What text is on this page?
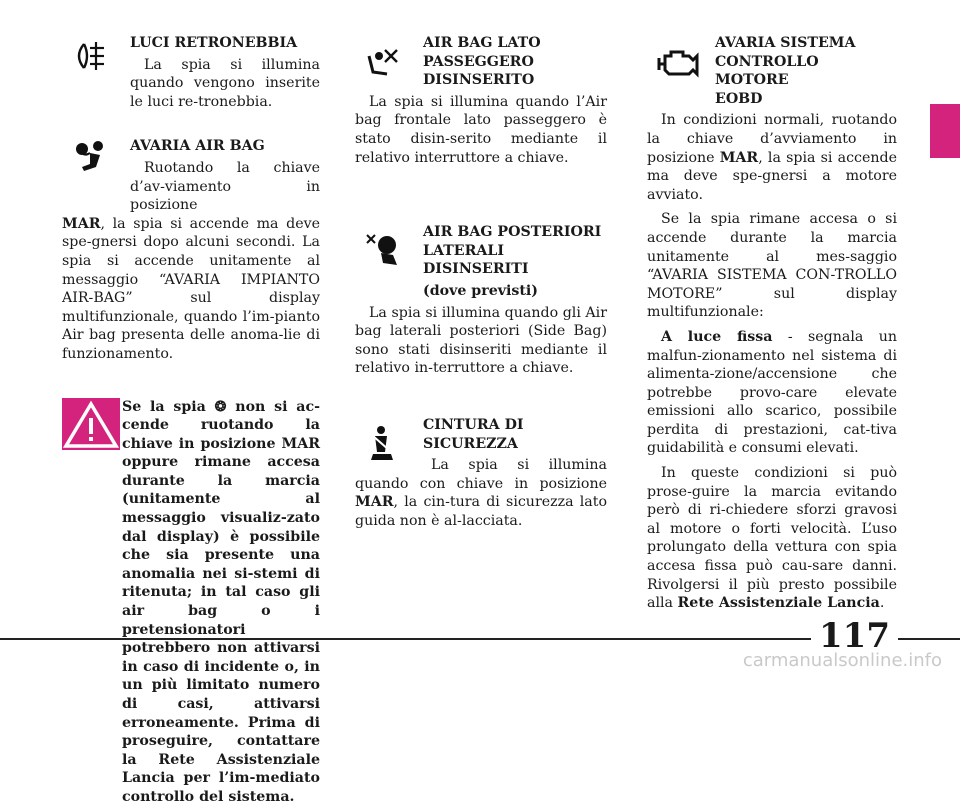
LUCI RETRONEBBIA

La spia si illumina quando vengono inserite le luci re-tronebbia.

AVARIA AIR BAG

Ruotando la chiave d’av-viamento in posizione

MAR, la spia si accende ma deve spe-gnersi dopo alcuni secondi. La spia si accende unitamente al messaggio “AVARIA IMPIANTO AIR-BAG” sul display multifunzionale, quando l’im-pianto Air bag presenta delle anoma-lie di funzionamento.

Se la spia ❂ non si ac-cende ruotando la chiave in posizione MAR oppure rimane accesa durante la marcia (unitamente al messaggio visualiz-zato dal display) è possibile che sia presente una anomalia nei si-stemi di ritenuta; in tal caso gli air bag o i pretensionatori potrebbero non attivarsi in caso di incidente o, in un più limitato numero di casi, attivarsi erroneamente. Prima di proseguire, contattare la Rete Assistenziale Lancia per l’im-mediato controllo del sistema.
AIR BAG LATO
PASSEGGERO
DISINSERITO

La spia si illumina quando l’Air bag frontale lato passeggero è stato disin-serito mediante il relativo interruttore a chiave.

AIR BAG POSTERIORI
LATERALI
DISINSERITI
(dove previsti)

La spia si illumina quando gli Air bag laterali posteriori (Side Bag) sono stati disinseriti mediante il relativo in-terruttore a chiave.

CINTURA DI
SICUREZZA

La spia si illumina quando con chiave in posizione MAR, la cin-tura di sicurezza lato guida non è al-lacciata.

AVARIA SISTEMA
CONTROLLO MOTORE
EOBD

In condizioni normali, ruotando la chiave d’avviamento in posizione MAR, la spia si accende ma deve spe-gnersi a motore avviato.

Se la spia rimane accesa o si accende durante la marcia unitamente al mes-saggio “AVARIA SISTEMA CON-TROLLO MOTORE” sul display multifunzionale:

A luce fissa - segnala un malfun-zionamento nel sistema di alimenta-zione/accensione che potrebbe provo-care elevate emissioni allo scarico, possibile perdita di prestazioni, cat-tiva guidabilità e consumi elevati.

In queste condizioni si può prose-guire la marcia evitando però di ri-chiedere sforzi gravosi al motore o forti velocità. L’uso prolungato della vettura con spia accesa fissa può cau-sare danni. Rivolgersi il più presto possibile alla Rete Assistenziale Lancia.

117
carmanualsonline.info
